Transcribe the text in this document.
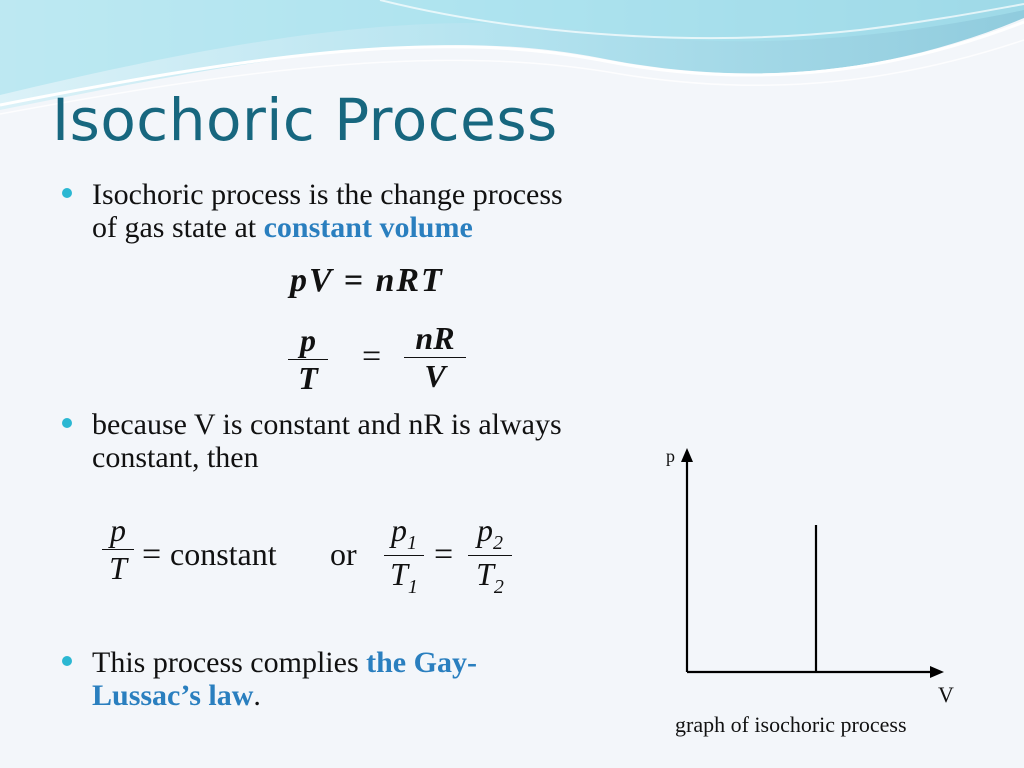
Isochoric Process
Isochoric process is the change process of gas state at constant volume
pV = nRT
p
T
=	nR
V
because V is constant and nR is always constant, then
p
T = constant or
$p_1$
$T_1$
=
$p_2$
$T_2$
This process complies the Gay-Lussac’s law.
p
V
graph of isochoric process
